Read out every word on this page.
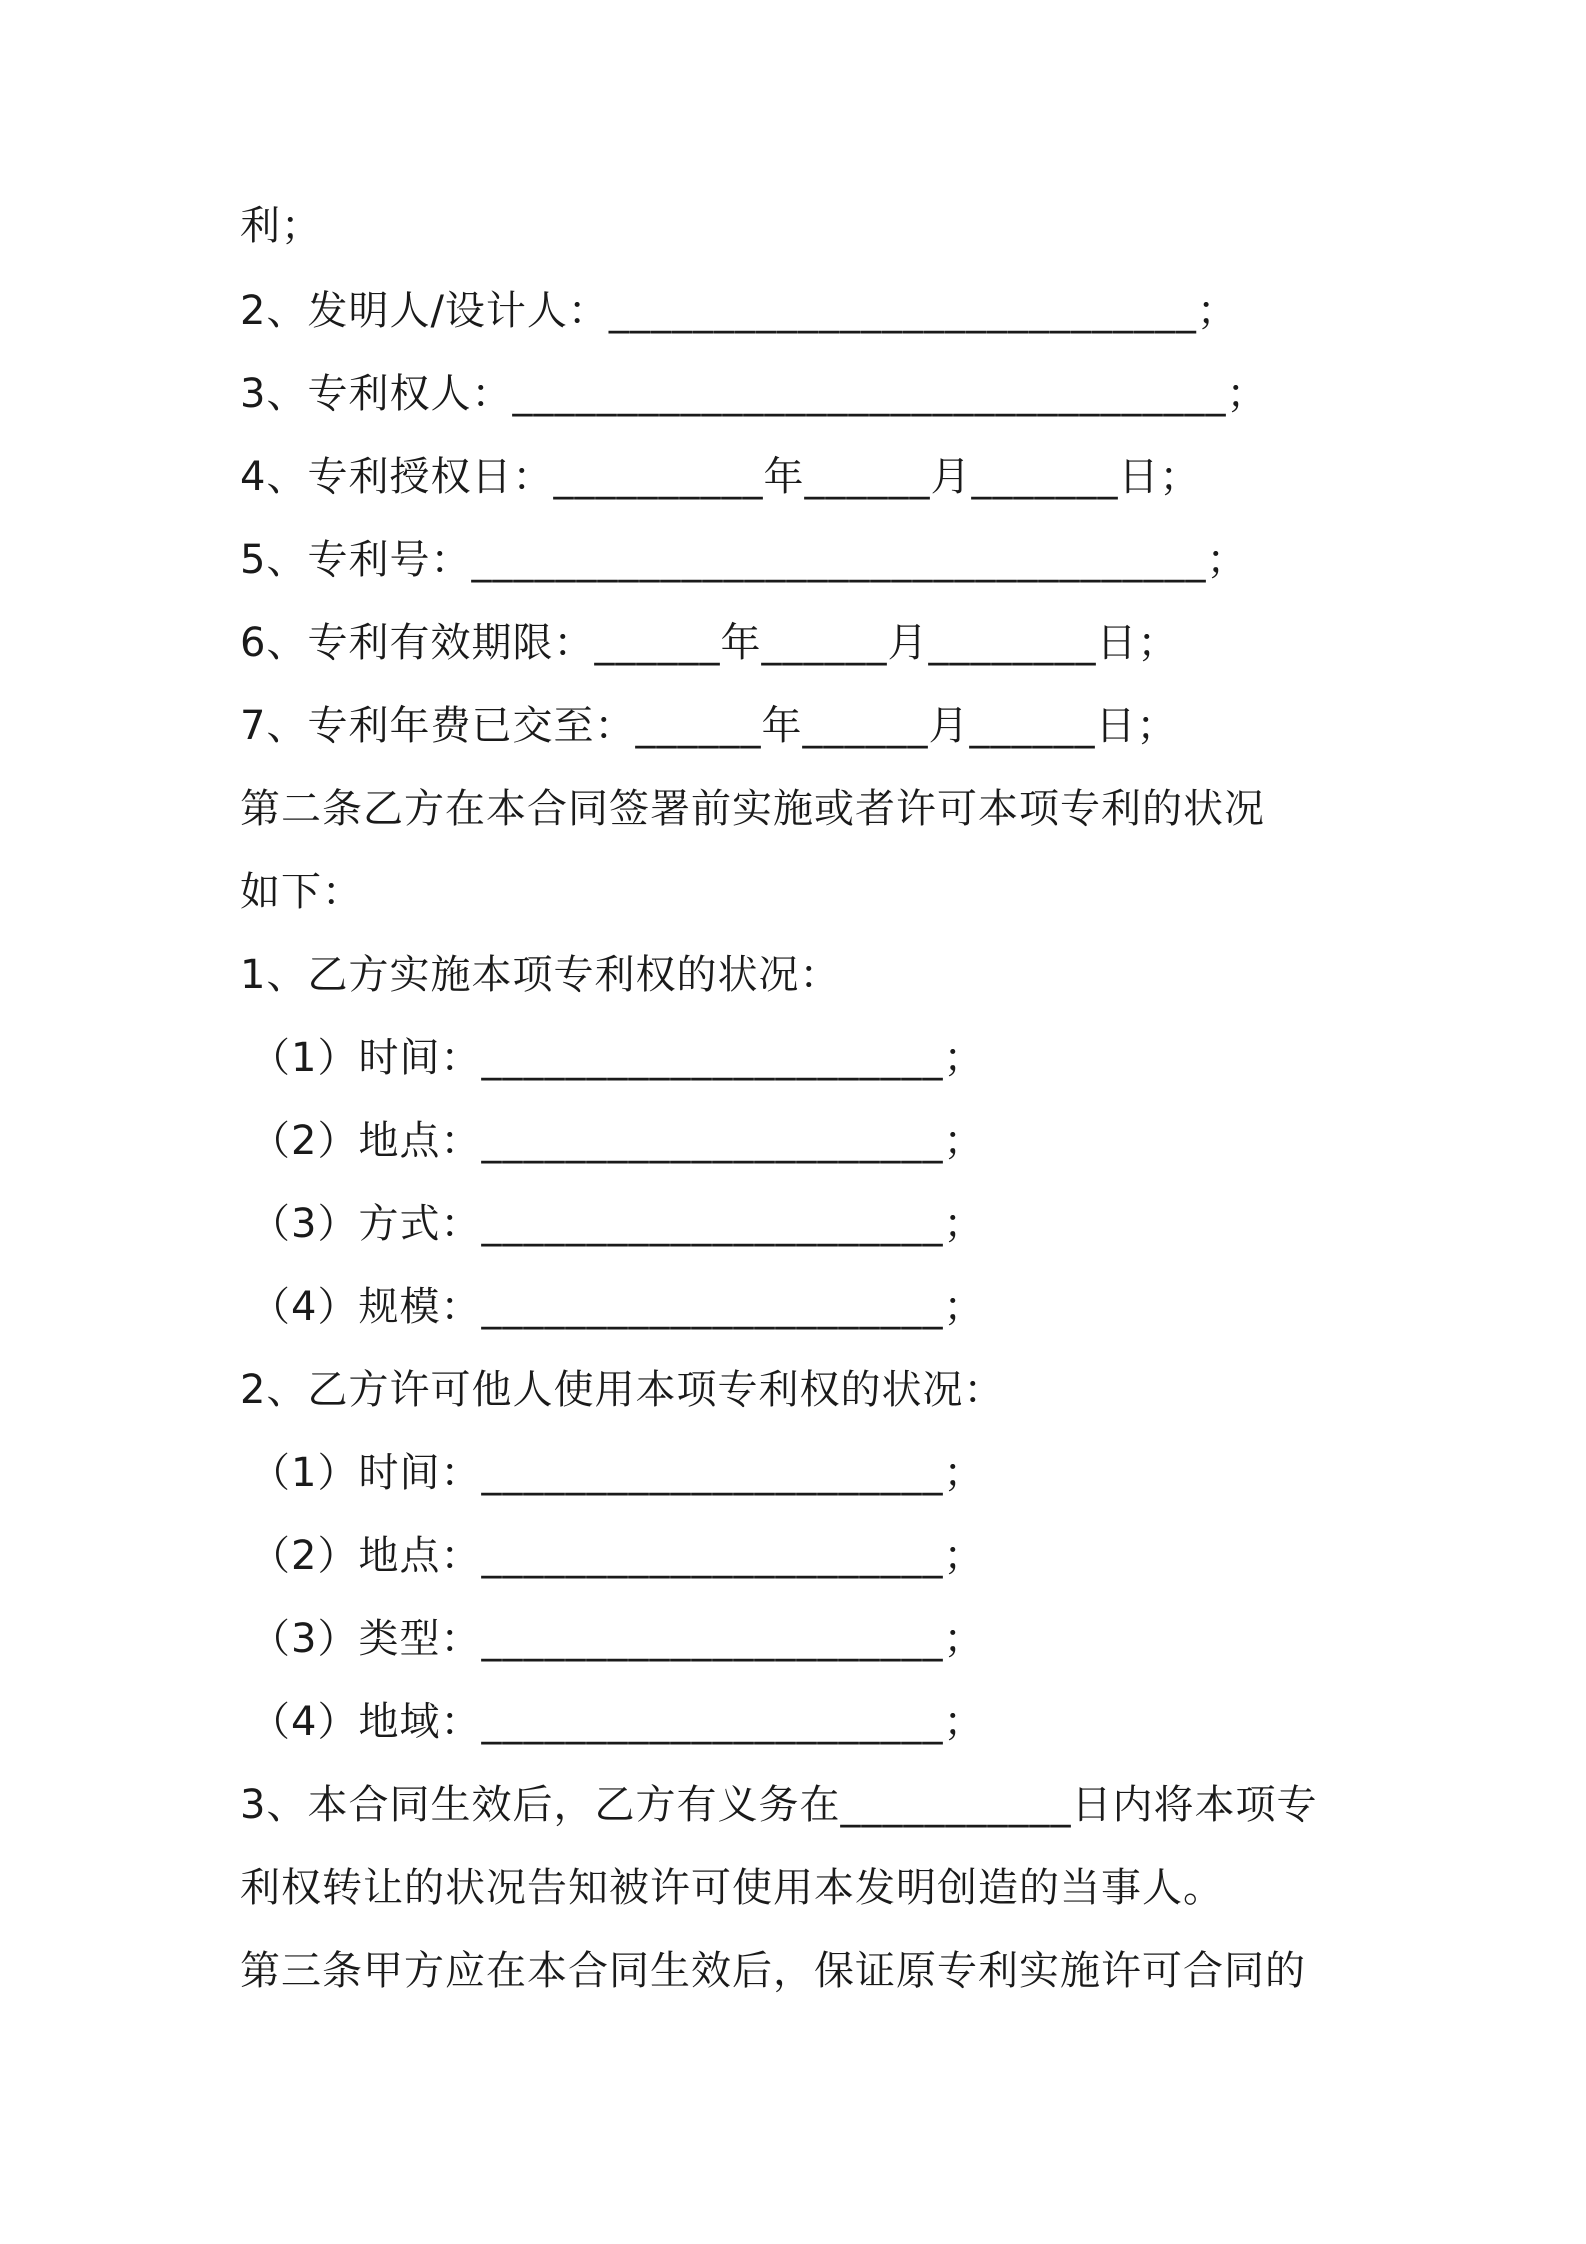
利；
2、发明人/设计人：____________________________；
3、专利权人：__________________________________；
4、专利授权日：__________年______月_______日；
5、专利号：___________________________________；
6、专利有效期限：______年______月________日；
7、专利年费已交至：______年______月______日；
第二条乙方在本合同签署前实施或者许可本项专利的状况
如下：
1、乙方实施本项专利权的状况：
（1）时间：______________________；
（2）地点：______________________；
（3）方式：______________________；
（4）规模：______________________；
2、乙方许可他人使用本项专利权的状况：
（1）时间：______________________；
（2）地点：______________________；
（3）类型：______________________；
（4）地域：______________________；
3、本合同生效后，乙方有义务在___________日内将本项专
利权转让的状况告知被许可使用本发明创造的当事人。
第三条甲方应在本合同生效后，保证原专利实施许可合同的
